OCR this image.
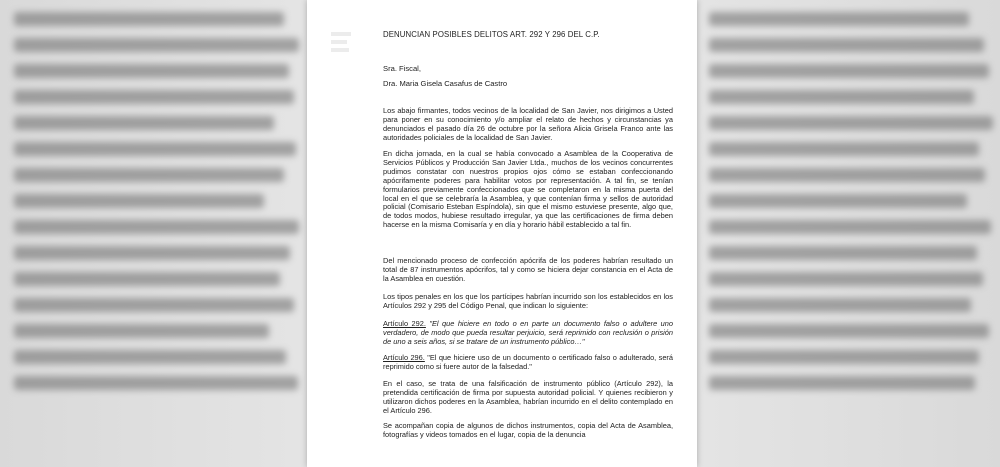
DENUNCIAN POSIBLES DELITOS ART. 292 Y 296 DEL C.P.
Sra. Fiscal,
Dra. Maria Gisela Casafus de Castro

Los abajo firmantes, todos vecinos de la localidad de San Javier, nos dirigimos a Usted para poner en su conocimiento y/o ampliar el relato de hechos y circunstancias ya denunciados el pasado día 26 de octubre por la señora Alicia Grisela Franco ante las autoridades policiales de la localidad de San Javier.

En dicha jornada, en la cual se había convocado a Asamblea de la Cooperativa de Servicios Públicos y Producción San Javier Ltda., muchos de los vecinos concurrentes pudimos constatar con nuestros propios ojos cómo se estaban confeccionando apócrifamente poderes para habilitar votos por representación. A tal fin, se tenían formularios previamente confeccionados que se completaron en la misma puerta del local en el que se celebraría la Asamblea, y que contenían firma y sellos de autoridad policial (Comisario Esteban Espíndola), sin que el mismo estuviese presente, algo que, de todos modos, hubiese resultado irregular, ya que las certificaciones de firma deben hacerse en la misma Comisaría y en día y horario hábil establecido a tal fin.

Del mencionado proceso de confección apócrifa de los poderes habrían resultado un total de 87 instrumentos apócrifos, tal y como se hiciera dejar constancia en el Acta de la Asamblea en cuestión.

Los tipos penales en los que los partícipes habrían incurrido son los establecidos en los Artículos 292 y 295 del Código Penal, que indican lo siguiente:

Artículo 292. "El que hiciere en todo o en parte un documento falso o adultere uno verdadero, de modo que pueda resultar perjuicio, será reprimido con reclusión o prisión de uno a seis años, si se tratare de un instrumento público…"

Artículo 296. "El que hiciere uso de un documento o certificado falso o adulterado, será reprimido como si fuere autor de la falsedad."

En el caso, se trata de una falsificación de instrumento público (Artículo 292), la pretendida certificación de firma por supuesta autoridad policial. Y quienes recibieron y utilizaron dichos poderes en la Asamblea, habrían incurrido en el delito contemplado en el Artículo 296.

Se acompañan copia de algunos de dichos instrumentos, copia del Acta de Asamblea, fotografías y videos tomados en el lugar, copia de la denuncia
